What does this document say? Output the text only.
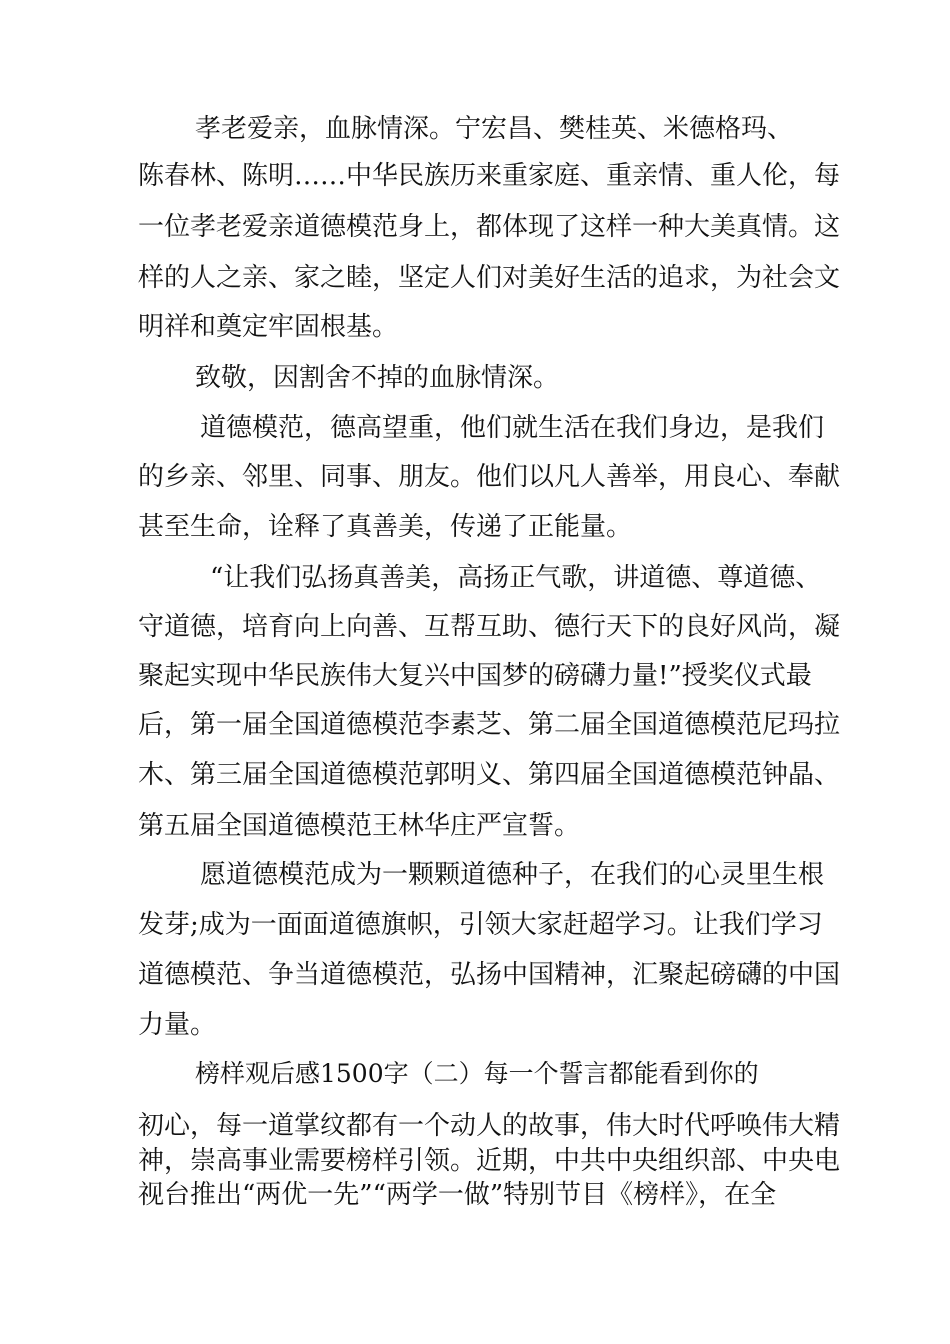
孝老爱亲，血脉情深。宁宏昌、樊桂英、米德格玛、
陈春林、陈明……中华民族历来重家庭、重亲情、重人伦，每
一位孝老爱亲道德模范身上，都体现了这样一种大美真情。这
样的人之亲、家之睦，坚定人们对美好生活的追求，为社会文
明祥和奠定牢固根基。
致敬，因割舍不掉的血脉情深。
道德模范，德高望重，他们就生活在我们身边，是我们
的乡亲、邻里、同事、朋友。他们以凡人善举，用良心、奉献
甚至生命，诠释了真善美，传递了正能量。
“让我们弘扬真善美，高扬正气歌，讲道德、尊道德、
守道德，培育向上向善、互帮互助、德行天下的良好风尚，凝
聚起实现中华民族伟大复兴中国梦的磅礴力量!”授奖仪式最
后，第一届全国道德模范李素芝、第二届全国道德模范尼玛拉
木、第三届全国道德模范郭明义、第四届全国道德模范钟晶、
第五届全国道德模范王林华庄严宣誓。
愿道德模范成为一颗颗道德种子，在我们的心灵里生根
发芽;成为一面面道德旗帜，引领大家赶超学习。让我们学习
道德模范、争当道德模范，弘扬中国精神，汇聚起磅礴的中国
力量。
榜样观后感1500字（二）每一个誓言都能看到你的
初心，每一道掌纹都有一个动人的故事，伟大时代呼唤伟大精
神，崇高事业需要榜样引领。近期，中共中央组织部、中央电
视台推出“两优一先”“两学一做”特别节目《榜样》，在全
